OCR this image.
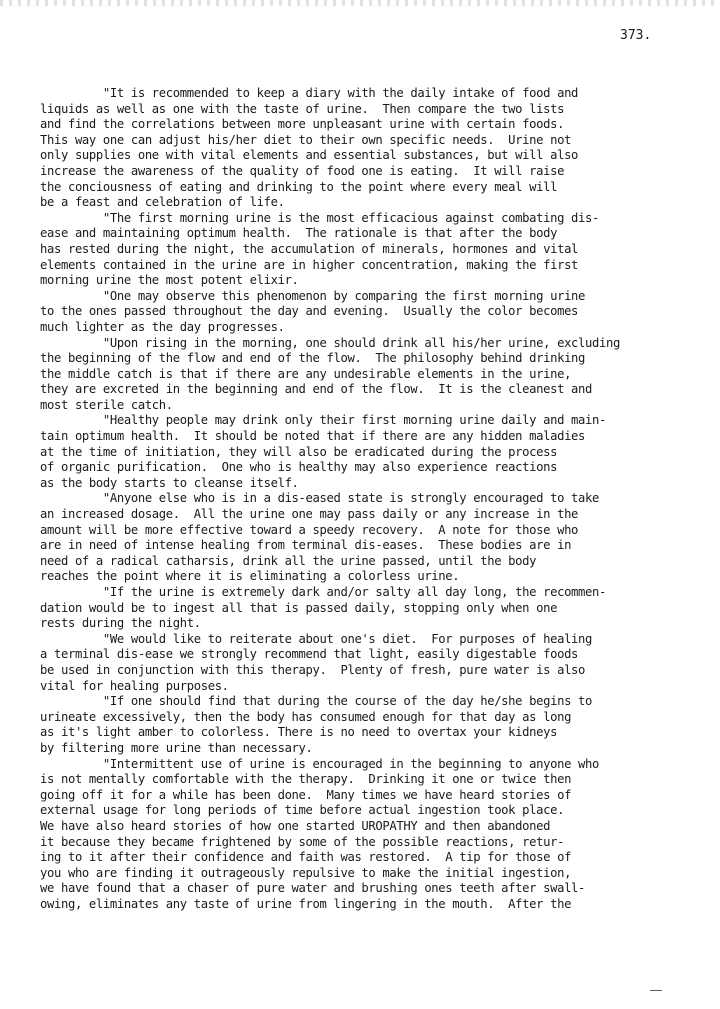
373.
"It is recommended to keep a diary with the daily intake of food and
liquids as well as one with the taste of urine.  Then compare the two lists
and find the correlations between more unpleasant urine with certain foods.
This way one can adjust his/her diet to their own specific needs.  Urine not
only supplies one with vital elements and essential substances, but will also
increase the awareness of the quality of food one is eating.  It will raise
the conciousness of eating and drinking to the point where every meal will
be a feast and celebration of life.
"The first morning urine is the most efficacious against combating dis-
ease and maintaining optimum health.  The rationale is that after the body
has rested during the night, the accumulation of minerals, hormones and vital
elements contained in the urine are in higher concentration, making the first
morning urine the most potent elixir.
"One may observe this phenomenon by comparing the first morning urine
to the ones passed throughout the day and evening.  Usually the color becomes
much lighter as the day progresses.
"Upon rising in the morning, one should drink all his/her urine, excluding
the beginning of the flow and end of the flow.  The philosophy behind drinking
the middle catch is that if there are any undesirable elements in the urine,
they are excreted in the beginning and end of the flow.  It is the cleanest and
most sterile catch.
"Healthy people may drink only their first morning urine daily and main-
tain optimum health.  It should be noted that if there are any hidden maladies
at the time of initiation, they will also be eradicated during the process
of organic purification.  One who is healthy may also experience reactions
as the body starts to cleanse itself.
"Anyone else who is in a dis-eased state is strongly encouraged to take
an increased dosage.  All the urine one may pass daily or any increase in the
amount will be more effective toward a speedy recovery.  A note for those who
are in need of intense healing from terminal dis-eases.  These bodies are in
need of a radical catharsis, drink all the urine passed, until the body
reaches the point where it is eliminating a colorless urine.
"If the urine is extremely dark and/or salty all day long, the recommen-
dation would be to ingest all that is passed daily, stopping only when one
rests during the night.
"We would like to reiterate about one's diet.  For purposes of healing
a terminal dis-ease we strongly recommend that light, easily digestable foods
be used in conjunction with this therapy.  Plenty of fresh, pure water is also
vital for healing purposes.
"If one should find that during the course of the day he/she begins to
urineate excessively, then the body has consumed enough for that day as long
as it's light amber to colorless. There is no need to overtax your kidneys
by filtering more urine than necessary.
"Intermittent use of urine is encouraged in the beginning to anyone who
is not mentally comfortable with the therapy.  Drinking it one or twice then
going off it for a while has been done.  Many times we have heard stories of
external usage for long periods of time before actual ingestion took place.
We have also heard stories of how one started UROPATHY and then abandoned
it because they became frightened by some of the possible reactions, retur-
ing to it after their confidence and faith was restored.  A tip for those of
you who are finding it outrageously repulsive to make the initial ingestion,
we have found that a chaser of pure water and brushing ones teeth after swall-
owing, eliminates any taste of urine from lingering in the mouth.  After the
